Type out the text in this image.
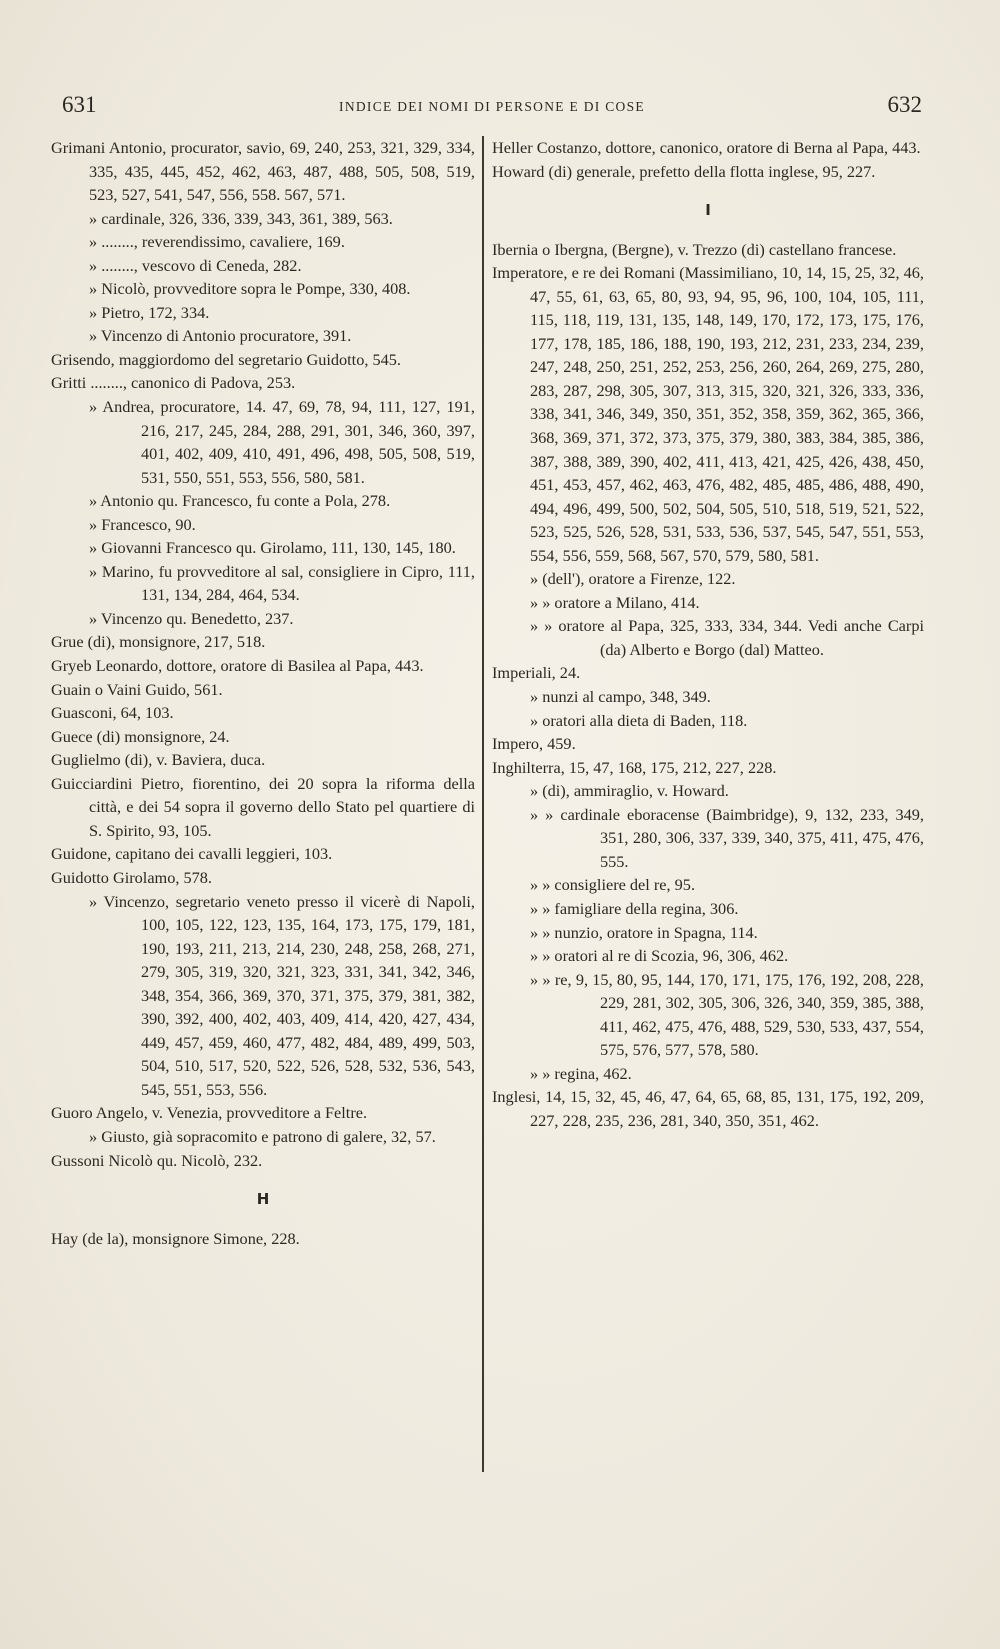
631	INDICE DEI NOMI DI PERSONE E DI COSE	632
Grimani Antonio, procurator, savio, 69, 240, 253, 321, 329, 334, 335, 435, 445, 452, 462, 463, 487, 488, 505, 508, 519, 523, 527, 541, 547, 556, 558. 567, 571.
» cardinale, 326, 336, 339, 343, 361, 389, 563.
» ........, reverendissimo, cavaliere, 169.
» ........, vescovo di Ceneda, 282.
» Nicolò, provveditore sopra le Pompe, 330, 408.
» Pietro, 172, 334.
» Vincenzo di Antonio procuratore, 391.
Grisendo, maggiordomo del segretario Guidotto, 545.
Gritti ........, canonico di Padova, 253.
» Andrea, procuratore, 14. 47, 69, 78, 94, 111, 127, 191, 216, 217, 245, 284, 288, 291, 301, 346, 360, 397, 401, 402, 409, 410, 491, 496, 498, 505, 508, 519, 531, 550, 551, 553, 556, 580, 581.
» Antonio qu. Francesco, fu conte a Pola, 278.
» Francesco, 90.
» Giovanni Francesco qu. Girolamo, 111, 130, 145, 180.
» Marino, fu provveditore al sal, consigliere in Cipro, 111, 131, 134, 284, 464, 534.
» Vincenzo qu. Benedetto, 237.
Grue (di), monsignore, 217, 518.
Gryeb Leonardo, dottore, oratore di Basilea al Papa, 443.
Guain o Vaini Guido, 561.
Guasconi, 64, 103.
Guece (di) monsignore, 24.
Guglielmo (di), v. Baviera, duca.
Guicciardini Pietro, fiorentino, dei 20 sopra la riforma della città, e dei 54 sopra il governo dello Stato pel quartiere di S. Spirito, 93, 105.
Guidone, capitano dei cavalli leggieri, 103.
Guidotto Girolamo, 578.
» Vincenzo, segretario veneto presso il vicerè di Napoli, 100, 105, 122, 123, 135, 164, 173, 175, 179, 181, 190, 193, 211, 213, 214, 230, 248, 258, 268, 271, 279, 305, 319, 320, 321, 323, 331, 341, 342, 346, 348, 354, 366, 369, 370, 371, 375, 379, 381, 382, 390, 392, 400, 402, 403, 409, 414, 420, 427, 434, 449, 457, 459, 460, 477, 482, 484, 489, 499, 503, 504, 510, 517, 520, 522, 526, 528, 532, 536, 543, 545, 551, 553, 556.
Guoro Angelo, v. Venezia, provveditore a Feltre.
» Giusto, già sopracomito e patrono di galere, 32, 57.
Gussoni Nicolò qu. Nicolò, 232.
H
Hay (de la), monsignore Simone, 228.
Heller Costanzo, dottore, canonico, oratore di Berna al Papa, 443.
Howard (di) generale, prefetto della flotta inglese, 95, 227.
I
Ibernia o Ibergna, (Bergne), v. Trezzo (di) castellano francese.
Imperatore, e re dei Romani (Massimiliano, 10, 14, 15, 25, 32, 46, 47, 55, 61, 63, 65, 80, 93, 94, 95, 96, 100, 104, 105, 111, 115, 118, 119, 131, 135, 148, 149, 170, 172, 173, 175, 176, 177, 178, 185, 186, 188, 190, 193, 212, 231, 233, 234, 239, 247, 248, 250, 251, 252, 253, 256, 260, 264, 269, 275, 280, 283, 287, 298, 305, 307, 313, 315, 320, 321, 326, 333, 336, 338, 341, 346, 349, 350, 351, 352, 358, 359, 362, 365, 366, 368, 369, 371, 372, 373, 375, 379, 380, 383, 384, 385, 386, 387, 388, 389, 390, 402, 411, 413, 421, 425, 426, 438, 450, 451, 453, 457, 462, 463, 476, 482, 485, 485, 486, 488, 490, 494, 496, 499, 500, 502, 504, 505, 510, 518, 519, 521, 522, 523, 525, 526, 528, 531, 533, 536, 537, 545, 547, 551, 553, 554, 556, 559, 568, 567, 570, 579, 580, 581.
» (dell'), oratore a Firenze, 122.
» » oratore a Milano, 414.
» » oratore al Papa, 325, 333, 334, 344. Vedi anche Carpi (da) Alberto e Borgo (dal) Matteo.
Imperiali, 24.
» nunzi al campo, 348, 349.
» oratori alla dieta di Baden, 118.
Impero, 459.
Inghilterra, 15, 47, 168, 175, 212, 227, 228.
» (di), ammiraglio, v. Howard.
» » cardinale eboracense (Baimbridge), 9, 132, 233, 349, 351, 280, 306, 337, 339, 340, 375, 411, 475, 476, 555.
» » consigliere del re, 95.
» » famigliare della regina, 306.
» » nunzio, oratore in Spagna, 114.
» » oratori al re di Scozia, 96, 306, 462.
» » re, 9, 15, 80, 95, 144, 170, 171, 175, 176, 192, 208, 228, 229, 281, 302, 305, 306, 326, 340, 359, 385, 388, 411, 462, 475, 476, 488, 529, 530, 533, 437, 554, 575, 576, 577, 578, 580.
» » regina, 462.
Inglesi, 14, 15, 32, 45, 46, 47, 64, 65, 68, 85, 131, 175, 192, 209, 227, 228, 235, 236, 281, 340, 350, 351, 462.
